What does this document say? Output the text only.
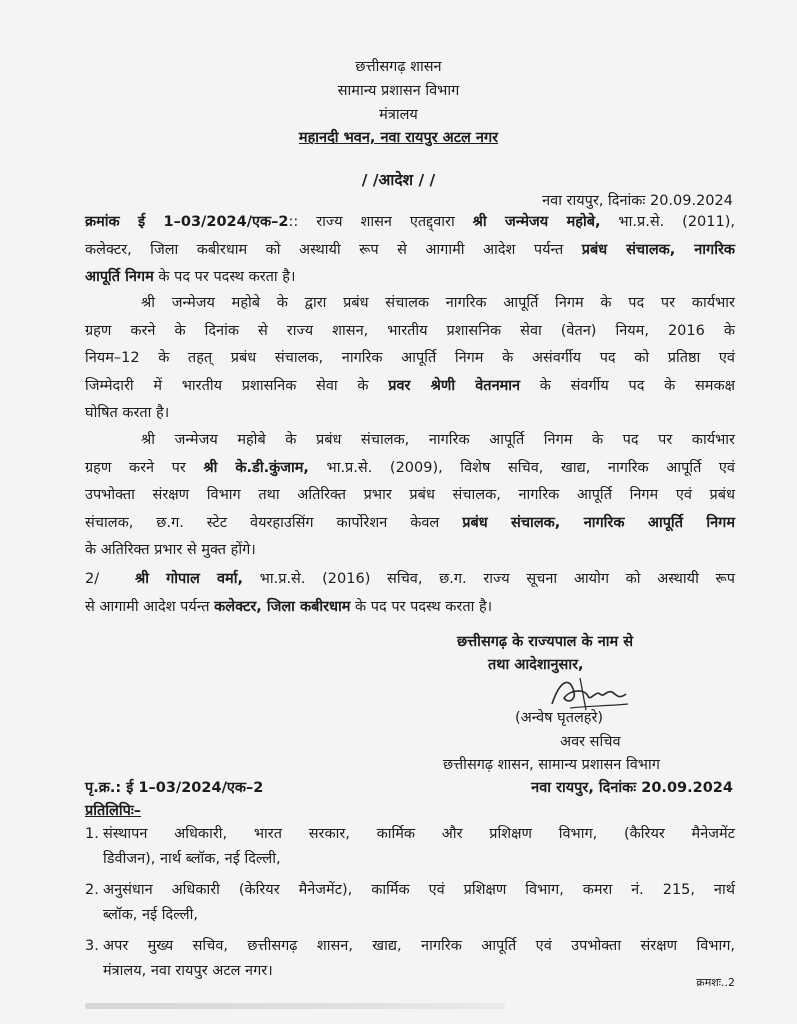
छत्तीसगढ़ शासन
सामान्य प्रशासन विभाग
मंत्रालय
महानदी भवन, नवा रायपुर अटल नगर
/ /आदेश / /
नवा रायपुर, दिनांकः 20.09.2024
क्रमांक ई 1–03/2024/एक–2:: राज्य शासन एतद्द्वारा श्री जन्मेजय महोबे, भा.प्र.से. (2011),
कलेक्टर, जिला कबीरधाम को अस्थायी रूप से आगामी आदेश पर्यन्त प्रबंध संचालक, नागरिक
आपूर्ति निगम के पद पर पदस्थ करता है।
श्री जन्मेजय महोबे के द्वारा प्रबंध संचालक नागरिक आपूर्ति निगम के पद पर कार्यभार
ग्रहण करने के दिनांक से राज्य शासन, भारतीय प्रशासनिक सेवा (वेतन) नियम, 2016 के
नियम–12 के तहत् प्रबंध संचालक, नागरिक आपूर्ति निगम के असंवर्गीय पद को प्रतिष्ठा एवं
जिम्मेदारी में भारतीय प्रशासनिक सेवा के प्रवर श्रेणी वेतनमान के संवर्गीय पद के समकक्ष
घोषित करता है।
श्री जन्मेजय महोबे के प्रबंध संचालक, नागरिक आपूर्ति निगम के पद पर कार्यभार
ग्रहण करने पर श्री के.डी.कुंजाम, भा.प्र.से. (2009), विशेष सचिव, खाद्य, नागरिक आपूर्ति एवं
उपभोक्ता संरक्षण विभाग तथा अतिरिक्त प्रभार प्रबंध संचालक, नागरिक आपूर्ति निगम एवं प्रबंध
संचालक, छ.ग. स्टेट वेयरहाउसिंग कार्पोरेशन केवल प्रबंध संचालक, नागरिक आपूर्ति निगम
के अतिरिक्त प्रभार से मुक्त होंगे।
2/ श्री गोपाल वर्मा, भा.प्र.से. (2016) सचिव, छ.ग. राज्य सूचना आयोग को अस्थायी रूप
से आगामी आदेश पर्यन्त कलेक्टर, जिला कबीरधाम के पद पर पदस्थ करता है।
छत्तीसगढ़ के राज्यपाल के नाम से
तथा आदेशानुसार,
(अन्वेष घृतलहरे)
अवर सचिव
छत्तीसगढ़ शासन, सामान्य प्रशासन विभाग
पृ.क्र.: ई 1–03/2024/एक–2	नवा रायपुर, दिनांकः 20.09.2024
प्रतिलिपिः–
1. संस्थापन अधिकारी, भारत सरकार, कार्मिक और प्रशिक्षण विभाग, (कैरियर मैनेजमेंट
डिवीजन), नार्थ ब्लॉक, नई दिल्ली,
2. अनुसंधान अधिकारी (केरियर मैनेजमेंट), कार्मिक एवं प्रशिक्षण विभाग, कमरा नं. 215, नार्थ
ब्लॉक, नई दिल्ली,
3. अपर मुख्य सचिव, छत्तीसगढ़ शासन, खाद्य, नागरिक आपूर्ति एवं उपभोक्ता संरक्षण विभाग,
मंत्रालय, नवा रायपुर अटल नगर।
क्रमशः..2
